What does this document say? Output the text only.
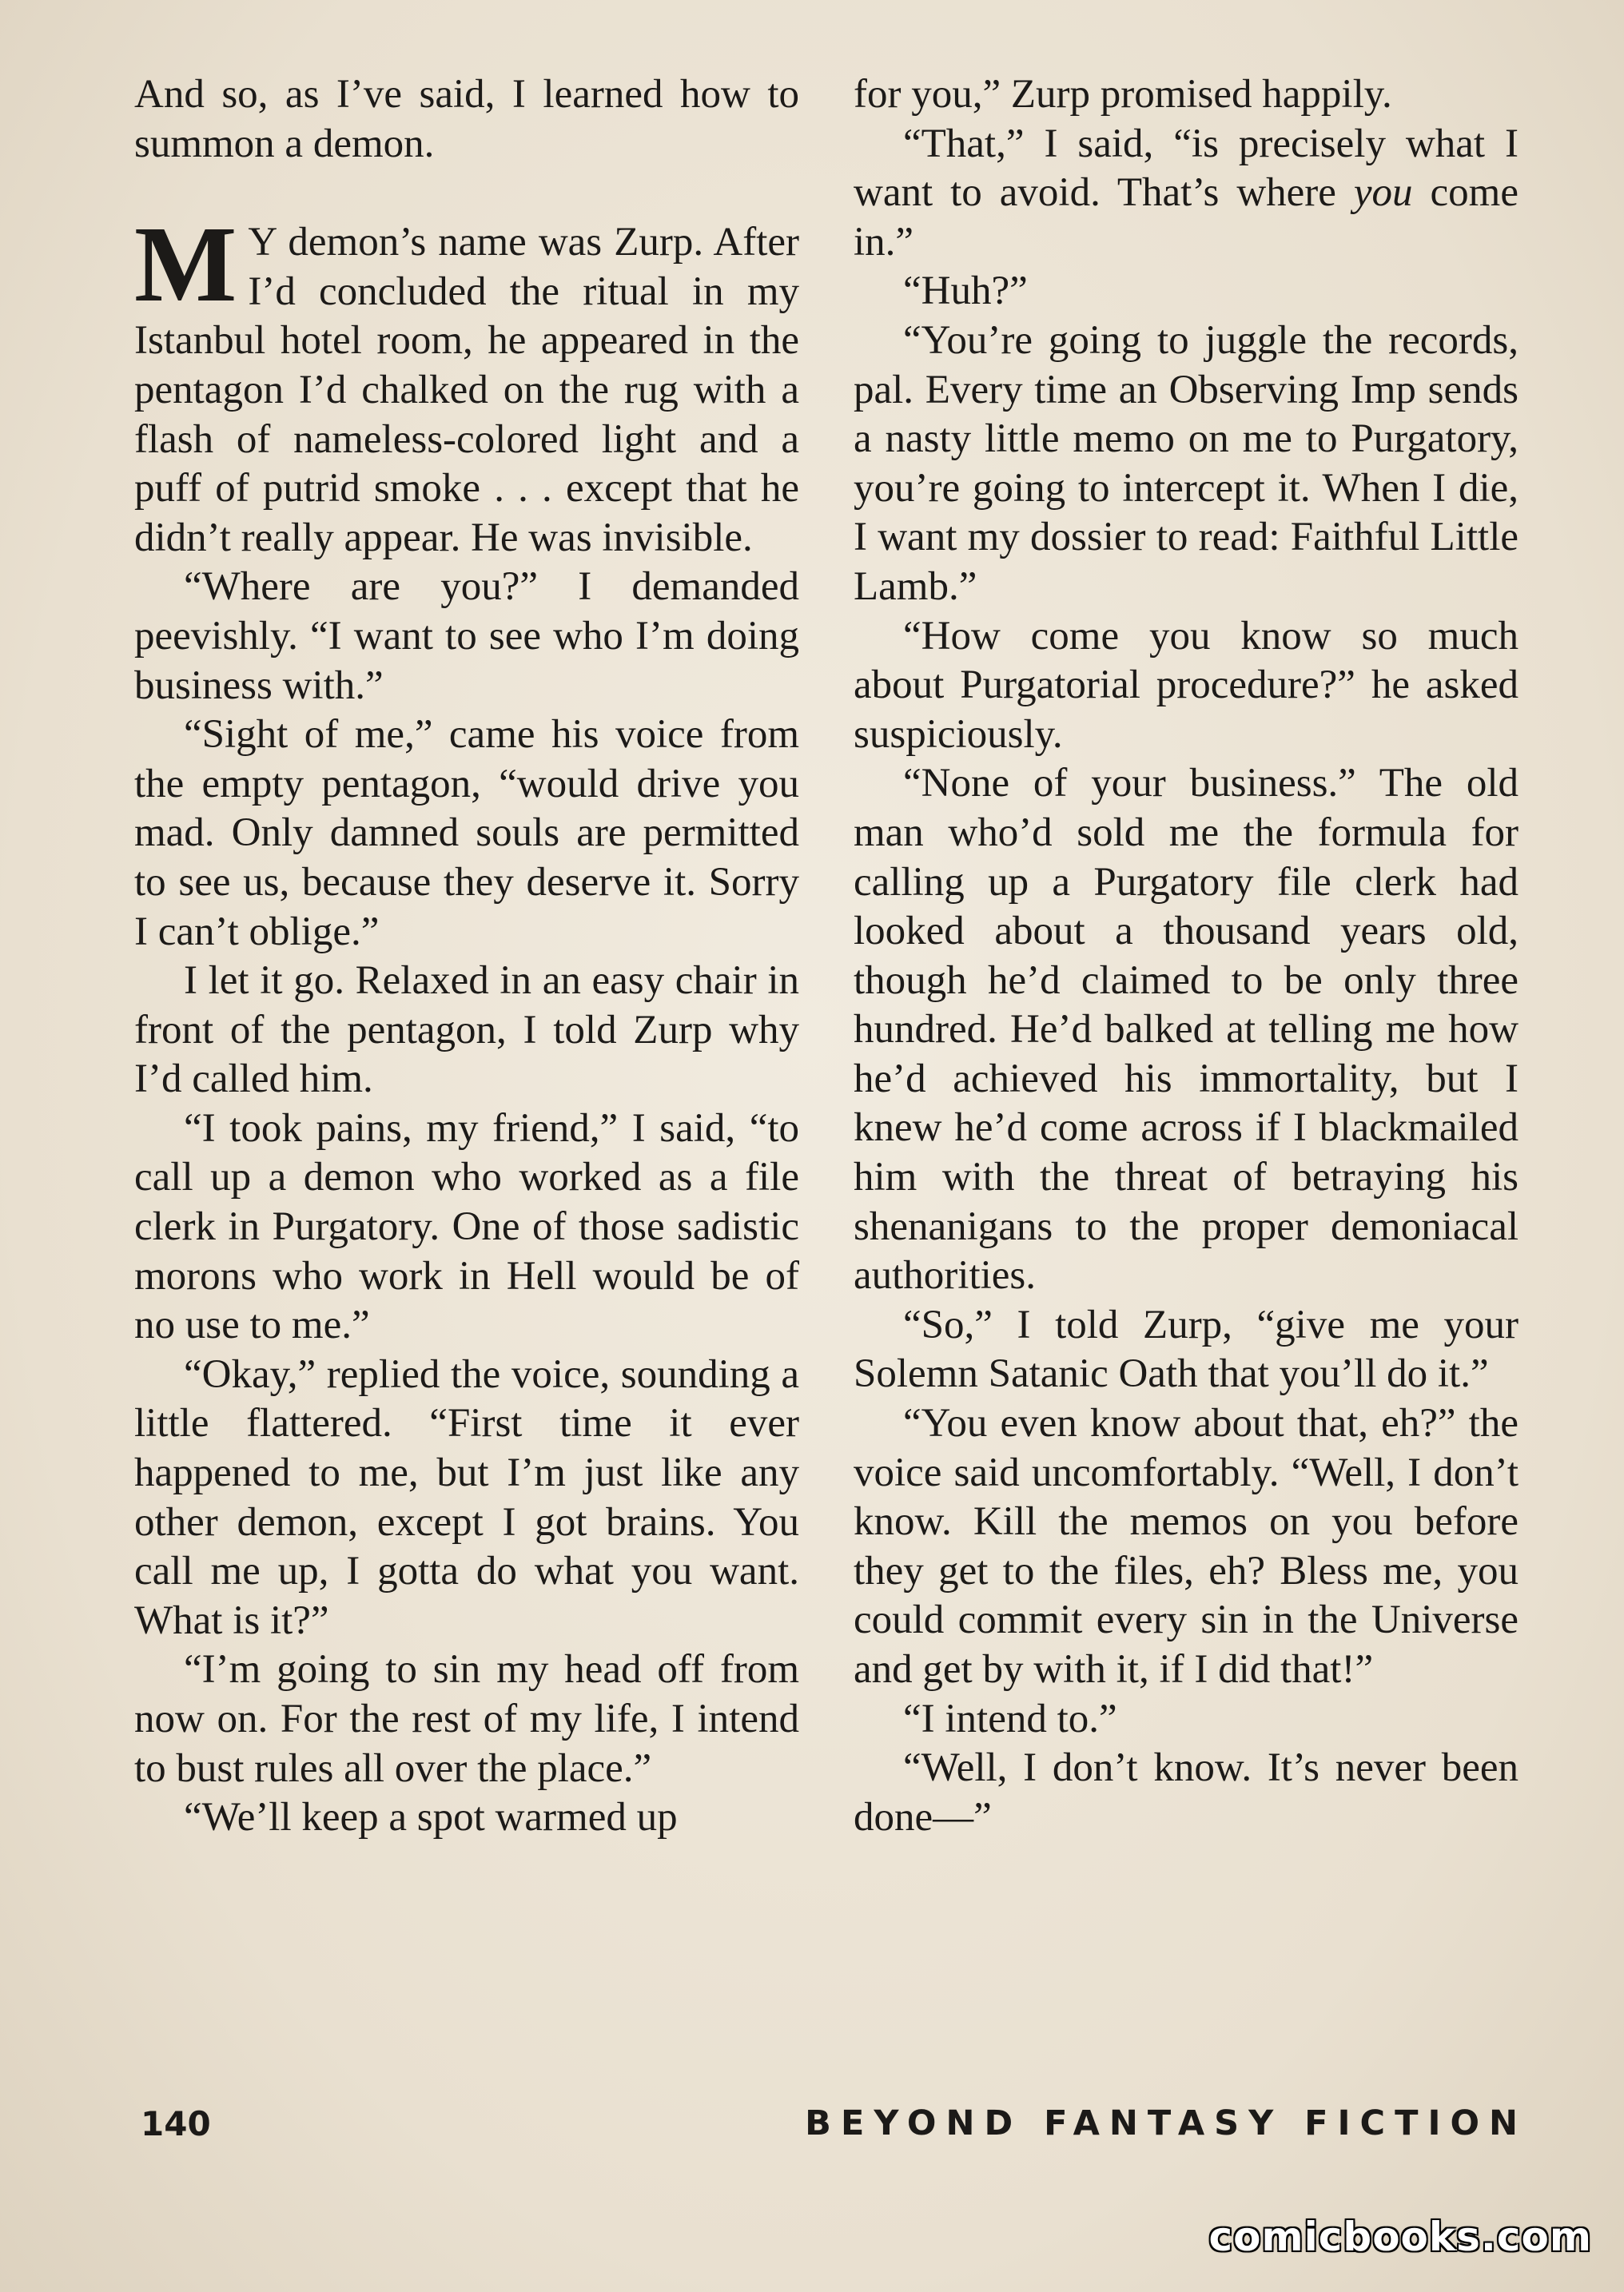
And so, as I’ve said, I learned how to summon a demon.

M Y demon’s name was Zurp. After I’d concluded the ritual in my Istanbul hotel room, he appeared in the pentagon I’d chalked on the rug with a flash of nameless-colored light and a puff of putrid smoke . . . except that he didn’t really appear. He was invisible.

“Where are you?” I demanded peevishly. “I want to see who I’m doing business with.”

“Sight of me,” came his voice from the empty pentagon, “would drive you mad. Only damned souls are permitted to see us, because they deserve it. Sorry I can’t oblige.”

I let it go. Relaxed in an easy chair in front of the pentagon, I told Zurp why I’d called him.

“I took pains, my friend,” I said, “to call up a demon who worked as a file clerk in Purgatory. One of those sadistic morons who work in Hell would be of no use to me.”

“Okay,” replied the voice, sounding a little flattered. “First time it ever happened to me, but I’m just like any other demon, except I got brains. You call me up, I gotta do what you want. What is it?”

“I’m going to sin my head off from now on. For the rest of my life, I intend to bust rules all over the place.”

“We’ll keep a spot warmed up

for you,” Zurp promised happily.

“That,” I said, “is precisely what I want to avoid. That’s where you come in.”

“Huh?”

“You’re going to juggle the records, pal. Every time an Observing Imp sends a nasty little memo on me to Purgatory, you’re going to intercept it. When I die, I want my dossier to read: Faithful Little Lamb.”

“How come you know so much about Purgatorial procedure?” he asked suspiciously.

“None of your business.” The old man who’d sold me the formula for calling up a Purgatory file clerk had looked about a thousand years old, though he’d claimed to be only three hundred. He’d balked at telling me how he’d achieved his immortality, but I knew he’d come across if I blackmailed him with the threat of betraying his shenanigans to the proper demoniacal authorities.

“So,” I told Zurp, “give me your Solemn Satanic Oath that you’ll do it.”

“You even know about that, eh?” the voice said uncomfortably. “Well, I don’t know. Kill the memos on you before they get to the files, eh? Bless me, you could commit every sin in the Universe and get by with it, if I did that!”

“I intend to.”

“Well, I don’t know. It’s never been done—”

140	BEYOND FANTASY FICTION
comicbooks.com
